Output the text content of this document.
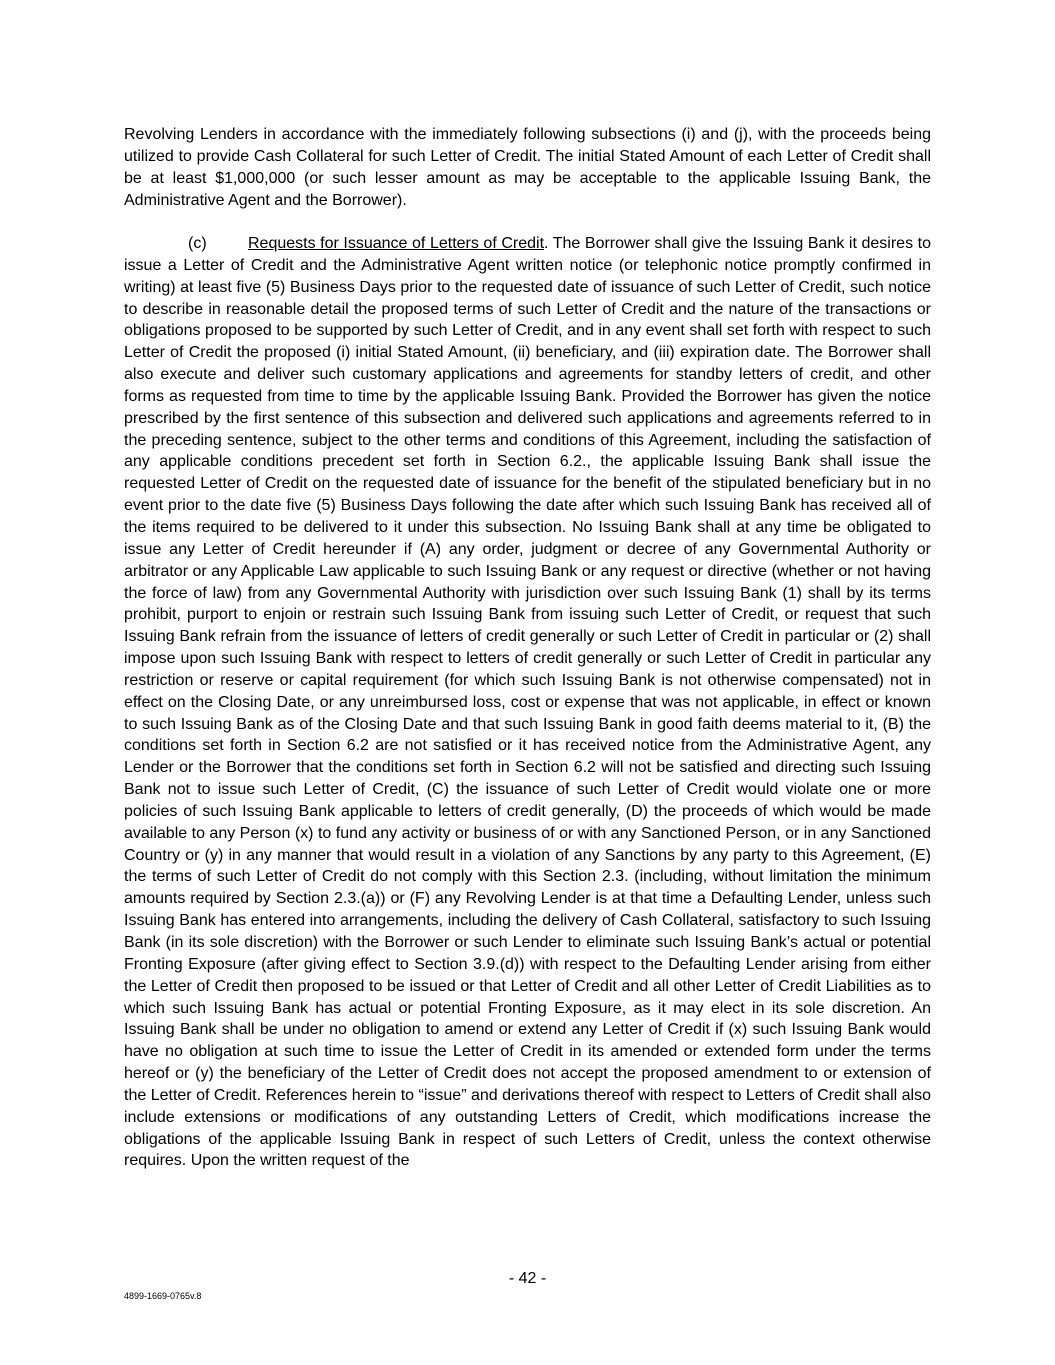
Revolving Lenders in accordance with the immediately following subsections (i) and (j), with the proceeds being utilized to provide Cash Collateral for such Letter of Credit. The initial Stated Amount of each Letter of Credit shall be at least $1,000,000 (or such lesser amount as may be acceptable to the applicable Issuing Bank, the Administrative Agent and the Borrower).

(c)	Requests for Issuance of Letters of Credit. The Borrower shall give the Issuing Bank it desires to issue a Letter of Credit and the Administrative Agent written notice (or telephonic notice promptly confirmed in writing) at least five (5) Business Days prior to the requested date of issuance of such Letter of Credit, such notice to describe in reasonable detail the proposed terms of such Letter of Credit and the nature of the transactions or obligations proposed to be supported by such Letter of Credit, and in any event shall set forth with respect to such Letter of Credit the proposed (i) initial Stated Amount, (ii) beneficiary, and (iii) expiration date. The Borrower shall also execute and deliver such customary applications and agreements for standby letters of credit, and other forms as requested from time to time by the applicable Issuing Bank. Provided the Borrower has given the notice prescribed by the first sentence of this subsection and delivered such applications and agreements referred to in the preceding sentence, subject to the other terms and conditions of this Agreement, including the satisfaction of any applicable conditions precedent set forth in Section 6.2., the applicable Issuing Bank shall issue the requested Letter of Credit on the requested date of issuance for the benefit of the stipulated beneficiary but in no event prior to the date five (5) Business Days following the date after which such Issuing Bank has received all of the items required to be delivered to it under this subsection. No Issuing Bank shall at any time be obligated to issue any Letter of Credit hereunder if (A) any order, judgment or decree of any Governmental Authority or arbitrator or any Applicable Law applicable to such Issuing Bank or any request or directive (whether or not having the force of law) from any Governmental Authority with jurisdiction over such Issuing Bank (1) shall by its terms prohibit, purport to enjoin or restrain such Issuing Bank from issuing such Letter of Credit, or request that such Issuing Bank refrain from the issuance of letters of credit generally or such Letter of Credit in particular or (2) shall impose upon such Issuing Bank with respect to letters of credit generally or such Letter of Credit in particular any restriction or reserve or capital requirement (for which such Issuing Bank is not otherwise compensated) not in effect on the Closing Date, or any unreimbursed loss, cost or expense that was not applicable, in effect or known to such Issuing Bank as of the Closing Date and that such Issuing Bank in good faith deems material to it, (B) the conditions set forth in Section 6.2 are not satisfied or it has received notice from the Administrative Agent, any Lender or the Borrower that the conditions set forth in Section 6.2 will not be satisfied and directing such Issuing Bank not to issue such Letter of Credit, (C) the issuance of such Letter of Credit would violate one or more policies of such Issuing Bank applicable to letters of credit generally, (D) the proceeds of which would be made available to any Person (x) to fund any activity or business of or with any Sanctioned Person, or in any Sanctioned Country or (y) in any manner that would result in a violation of any Sanctions by any party to this Agreement, (E) the terms of such Letter of Credit do not comply with this Section 2.3. (including, without limitation the minimum amounts required by Section 2.3.(a)) or (F) any Revolving Lender is at that time a Defaulting Lender, unless such Issuing Bank has entered into arrangements, including the delivery of Cash Collateral, satisfactory to such Issuing Bank (in its sole discretion) with the Borrower or such Lender to eliminate such Issuing Bank’s actual or potential Fronting Exposure (after giving effect to Section 3.9.(d)) with respect to the Defaulting Lender arising from either the Letter of Credit then proposed to be issued or that Letter of Credit and all other Letter of Credit Liabilities as to which such Issuing Bank has actual or potential Fronting Exposure, as it may elect in its sole discretion. An Issuing Bank shall be under no obligation to amend or extend any Letter of Credit if (x) such Issuing Bank would have no obligation at such time to issue the Letter of Credit in its amended or extended form under the terms hereof or (y) the beneficiary of the Letter of Credit does not accept the proposed amendment to or extension of the Letter of Credit. References herein to “issue” and derivations thereof with respect to Letters of Credit shall also include extensions or modifications of any outstanding Letters of Credit, which modifications increase the obligations of the applicable Issuing Bank in respect of such Letters of Credit, unless the context otherwise requires. Upon the written request of the

- 42 -
4899-1669-0765v.8
